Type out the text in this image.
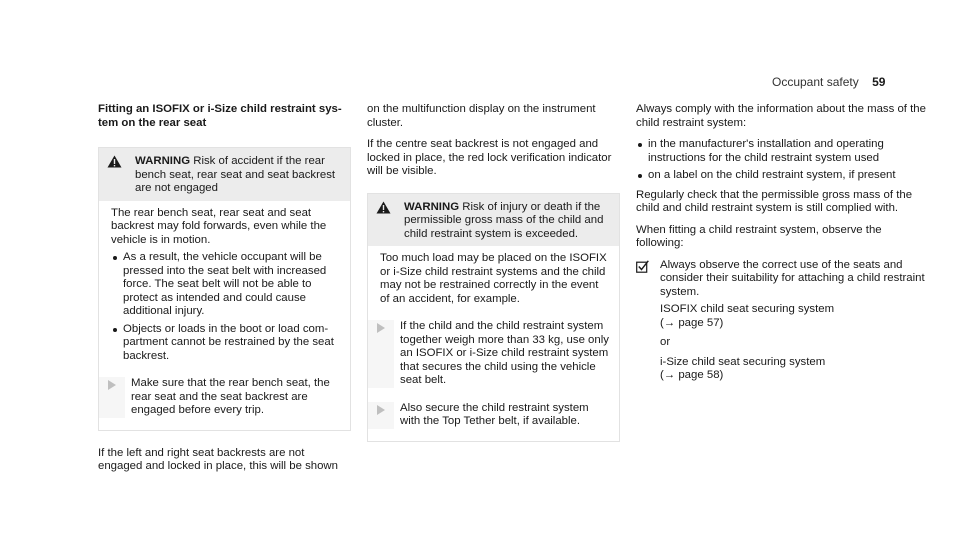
Occupant safety 59
Fitting an ISOFIX or i-Size child restraint system on the rear seat
WARNING Risk of accident if the rear bench seat, rear seat and seat backrest are not engaged

The rear bench seat, rear seat and seat backrest may fold forwards, even while the vehicle is in motion.

As a result, the vehicle occupant will be pressed into the seat belt with increased force. The seat belt will not be able to protect as intended and could cause additional injury.
Objects or loads in the boot or load compartment cannot be restrained by the seat backrest.
Make sure that the rear bench seat, the rear seat and the seat backrest are engaged before every trip.

If the left and right seat backrests are not engaged and locked in place, this will be shown

on the multifunction display on the instrument cluster.

If the centre seat backrest is not engaged and locked in place, the red lock verification indicator will be visible.

WARNING Risk of injury or death if the permissible gross mass of the child and child restraint system is exceeded.

Too much load may be placed on the ISOFIX or i-Size child restraint systems and the child may not be restrained correctly in the event of an accident, for example.

If the child and the child restraint system together weigh more than 33 kg, use only an ISOFIX or i-Size child restraint system that secures the child using the vehicle seat belt.
Also secure the child restraint system with the Top Tether belt, if available.

Always comply with the information about the mass of the child restraint system:

in the manufacturer's installation and operating instructions for the child restraint system used
on a label on the child restraint system, if present

Regularly check that the permissible gross mass of the child and child restraint system is still complied with.

When fitting a child restraint system, observe the following:

Always observe the correct use of the seats and consider their suitability for attaching a child restraint system.

ISOFIX child seat securing system

(→ page 57)

or

i-Size child seat securing system

(→ page 58)
